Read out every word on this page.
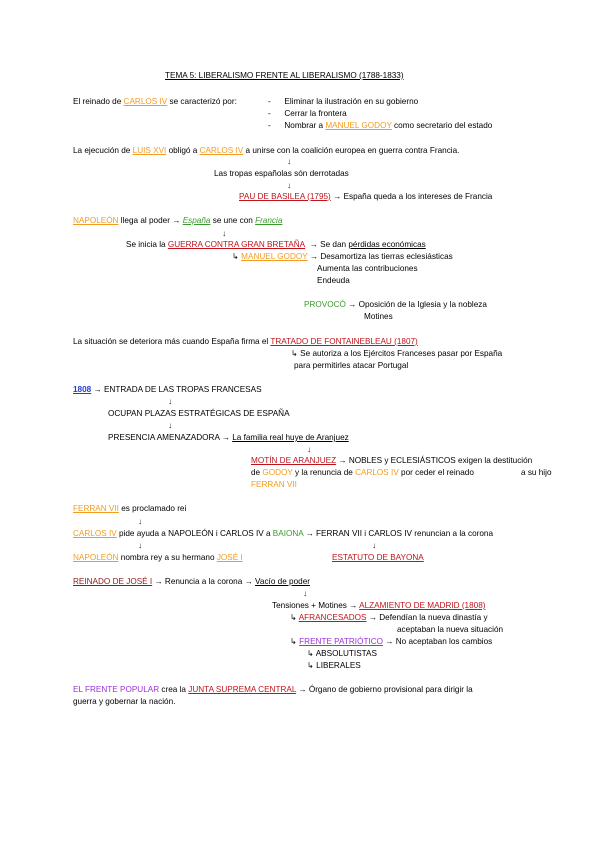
TEMA 5: LIBERALISMO FRENTE AL LIBERALISMO (1788-1833)
El reinado de CARLOS IV se caracterizó por:	-      Eliminar la ilustración en su gobierno
-      Cerrar la frontera
-      Nombrar a MANUEL GODOY como secretario del estado
La ejecución de LUIS XVI obligó a CARLOS IV a unirse con la coalición europea en guerra contra Francia.
↓
Las tropas españolas són derrotadas
↓
PAU DE BASILEA (1795) → España queda a los intereses de Francia
NAPOLEÓN llega al poder → España se une con Francia
↓
Se inicia la GUERRA CONTRA GRAN BRETAÑA → Se dan pérdidas económicas
↳ MANUEL GODOY → Desamortiza las tierras eclesiásticas
Aumenta las contribuciones
Endeuda
PROVOCÓ → Oposición de la Iglesia y la nobleza
Motines
La situación se deteriora más cuando España firma el TRATADO DE FONTAINEBLEAU (1807)
↳ Se autoriza a los Ejércitos Franceses pasar por España
para permitirles atacar Portugal
1808 → ENTRADA DE LAS TROPAS FRANCESAS
↓
OCUPAN PLAZAS ESTRATÉGICAS DE ESPAÑA
↓
PRESENCIA AMENAZADORA → La familia real huye de Aranjuez
↓
MOTÍN DE ARANJUEZ → NOBLES y ECLESIÁSTICOS exigen la destitución
de GODOY y la renuncia de CARLOS IV por ceder el reinado	a su hijo
FERRAN VII
FERRAN VII es proclamado rei
↓
CARLOS IV pide ayuda a NAPOLEÓN i CARLOS IV a BAIONA → FERRAN VII i CARLOS IV renuncian a la corona
↓	↓
NAPOLEÓN nombra rey a su hermano JOSÉ I	ESTATUTO DE BAYONA
REINADO DE JOSÉ I → Renuncia a la corona → Vacío de poder
↓
Tensiones + Motines → ALZAMIENTO DE MADRID (1808)
↳ AFRANCESADOS → Defendían la nueva dinastía y
aceptaban la nueva situación
↳ FRENTE PATRIÓTICO → No aceptaban los cambios
↳ ABSOLUTISTAS
↳ LIBERALES
EL FRENTE POPULAR crea la JUNTA SUPREMA CENTRAL → Órgano de gobierno provisional para dirigir la
guerra y gobernar la nación.
